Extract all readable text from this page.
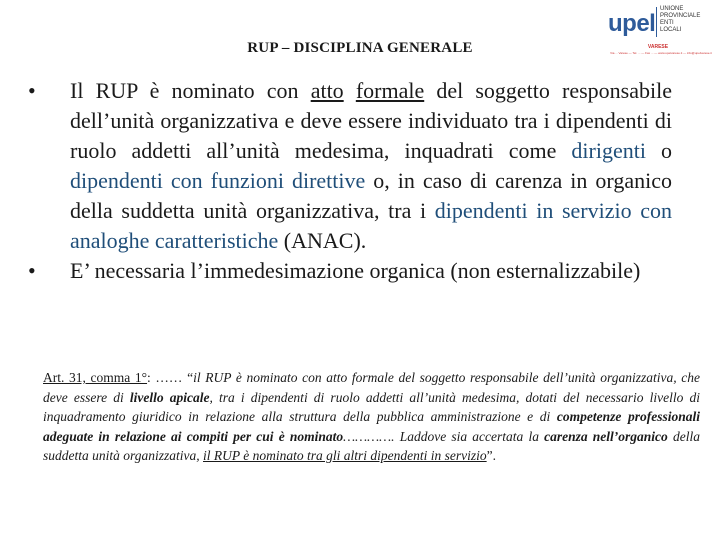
RUP – DISCIPLINA GENERALE
upel
UNIONE
PROVINCIALE
ENTI
LOCALI
VARESE
Via ... Varese — Tel. ... — Fax ... — www.upelvarese.it — info@upelvarese.it
• Il RUP è nominato con atto formale del soggetto responsabile dell’unità organizzativa e deve essere individuato tra i dipendenti di ruolo addetti all’unità medesima, inquadrati come dirigenti o dipendenti con funzioni direttive o, in caso di carenza in organico della suddetta unità organizzativa, tra i dipendenti in servizio con analoghe caratteristiche (ANAC).
• E’ necessaria l’immedesimazione organica (non esternalizzabile)
Art. 31, comma 1°: …… “il RUP è nominato con atto formale del soggetto responsabile dell’unità organizzativa, che deve essere di livello apicale, tra i dipendenti di ruolo addetti all’unità medesima, dotati del necessario livello di inquadramento giuridico in relazione alla struttura della pubblica amministrazione e di competenze professionali adeguate in relazione ai compiti per cui è nominato…………. Laddove sia accertata la carenza nell’organico della suddetta unità organizzativa, il RUP è nominato tra gli altri dipendenti in servizio”.
